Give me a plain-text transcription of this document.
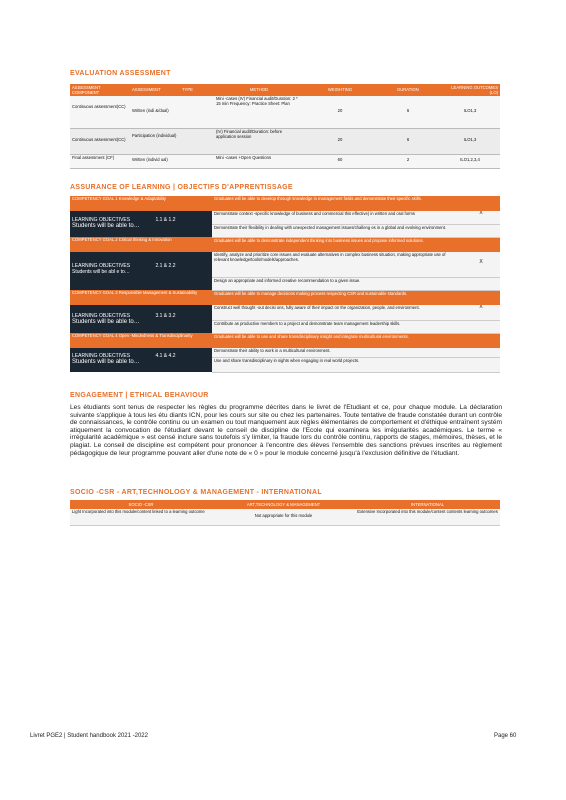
EVALUATION ASSESSMENT
ASSESSMENT COMPONENT	ASSESSMENT	TYPE	METHOD	WEIGHTING	DURATION	LEARNING OUTCOMES (LO)
Continuous assessment(CC)	Written (indi &/dual)		Mini -cases (IV) Financial audit/Duration: 2 * 15 min Frequency: Practice Sheet: Plan	20	6	ILO1,3
Continuous assessment(CC)	Participation (individual)		(IV) Financial audit/Duration: before application session	20	6	ILO1,3
Final assessment (CF)	Written (individ ual)		Mini -cases +Open Questions	60	2	ILO1,2,3,4
ASSURANCE OF LEARNING | OBJECTIFS D'APPRENTISSAGE
COMPETENCY GOAL 1 Knowledge & Adaptability	Graduates will be able to develop through knowledge in management fields and demonstrate their specific skills.	
LEARNING OBJECTIVES 1.1 & 1.2
Students will be able to…	Demonstrate context -specific knowledge of business and commercial this effective) in written and oral forms	X
	Demonstrate their flexibility in dealing with unexpected management issues/challeng es in a global and evolving environment.	
COMPETENCY GOAL 2 Critical thinking & Innovation	Graduates will be able to demonstrate independent thinking into business issues and propose informed solutions.	
LEARNING OBJECTIVES 2.1 & 2.2
Students will be abl e to…	Identify, analyze and prioritize core issues and evaluate alternatives in complex business situation, making appropriate use of relevant knowledge/tools/models/approaches.	X
	Design an appropriate and informed creative recommendation to a given issue.	
COMPETENCY GOAL 3 Responsible Management & Sustainability	Graduates will be able to manage decisions making process respecting CSR and sustainable standards.	
LEARNING OBJECTIVES 3.1 & 3.2
Students will be able to…	Construct well thought -out decisi ons, fully aware of their impact on the organization, people, and environment.	X
	Contribute as productive members to a project and demonstrate team management leadership skills.	
COMPETENCY GOAL 4 Open -Mindedness & Transdisciplinarity	Graduates will be able to use and share transdisciplinary insight and integrate multicultural environments.	
LEARNING OBJECTIVES 4.1 & 4.2
Students will be able to…	Demonstrate their ability to work in a multicultural environment.	
	Use and share transdisciplinary in sights when engaging in real world projects.	
ENGAGEMENT | ETHICAL BEHAVIOUR
Les étudiants sont tenus de respecter les règles du programme décrites dans le livret de l'Etudiant et ce, pour chaque module. La déclaration suivante s'applique à tous les étu diants ICN, pour les cours sur site ou chez les partenaires. Toute tentative de fraude constatée durant un contrôle de connaissances, le contrôle continu ou un examen ou tout manquement aux règles élémentaires de comportement et d'éthique entraînent systém atiquement la convocation de l'étudiant devant le conseil de discipline de l'Ecole qui examinera les irrégularités académiques. Le terme « irrégularité académique » est censé inclure sans toutefois s'y limiter, la fraude lors du contrôle continu, rapports de stages, mémoires, thèses, et le plagiat. Le conseil de discipline est compétent pour prononcer à l'encontre des élèves l'ensemble des sanctions prévues inscrites au règlement pédagogique de leur programme pouvant aller d'une note de « 0 » pour le module concerné jusqu'à l'exclusion définitive de l'étudiant.
SOCIO -CSR - ART,TECHNOLOGY & MANAGEMENT - INTERNATIONAL
SOCIO -CSR	ART,TECHNOLOGY & MANAGEMENT	INTERNATIONAL
Light Incorporated into this module/content linked to a learning outcome	Not appropriate for this module	Extensive Incorporated into this module/content contents learning outcomes
Livret PGE2 | Student handbook 2021 -2022	Page 60
